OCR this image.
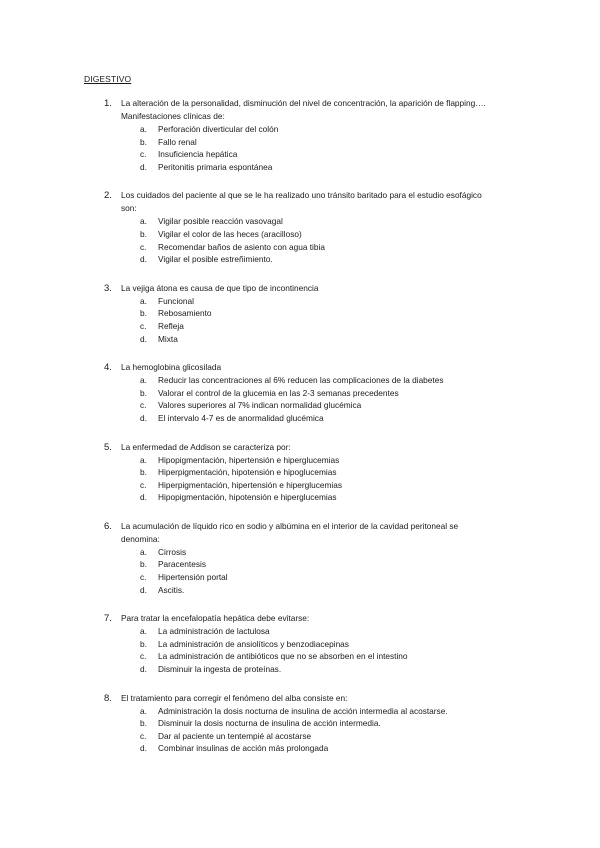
DIGESTIVO
1. La alteración de la personalidad, disminución del nivel de concentración, la aparición de flapping…. Manifestaciones clínicas de:
a. Perforación diverticular del colón
b. Fallo renal
c. Insuficiencia hepática
d. Peritonitis primaria espontánea
2. Los cuidados del paciente al que se le ha realizado uno tránsito baritado para el estudio esofágico son:
a. Vigilar posible reacción vasovagal
b. Vigilar el color de las heces (aracilloso)
c. Recomendar baños de asiento con agua tibia
d. Vigilar el posible estreñimiento.
3. La vejiga átona es causa de que tipo de incontinencia
a. Funcional
b. Rebosamiento
c. Refleja
d. Mixta
4. La hemoglobina glicosilada
a. Reducir las concentraciones al 6% reducen las complicaciones de la diabetes
b. Valorar el control de la glucemia en las 2-3 semanas precedentes
c. Valores superiores al 7% indican normalidad glucémica
d. El intervalo 4-7 es de anormalidad glucémica
5. La enfermedad de Addison se caracteriza por:
a. Hipopigmentación, hipertensión e hiperglucemias
b. Hiperpigmentación, hipotensión e hipoglucemias
c. Hiperpigmentación, hipertensión e hiperglucemias
d. Hipopigmentación, hipotensión e hiperglucemias
6. La acumulación de líquido rico en sodio y albúmina en el interior de la cavidad peritoneal se denomina:
a. Cirrosis
b. Paracentesis
c. Hipertensión portal
d. Ascitis.
7. Para tratar la encefalopatía hepática debe evitarse:
a. La administración de lactulosa
b. La administración de ansiolíticos y benzodiacepinas
c. La administración de antibióticos que no se absorben en el intestino
d. Disminuir la ingesta de proteínas.
8. El tratamiento para corregir el fenómeno del alba consiste en:
a. Administración la dosis nocturna de insulina de acción intermedia al acostarse.
b. Disminuir la dosis nocturna de insulina de acción intermedia.
c. Dar al paciente un tentempié al acostarse
d. Combinar insulinas de acción más prolongada
